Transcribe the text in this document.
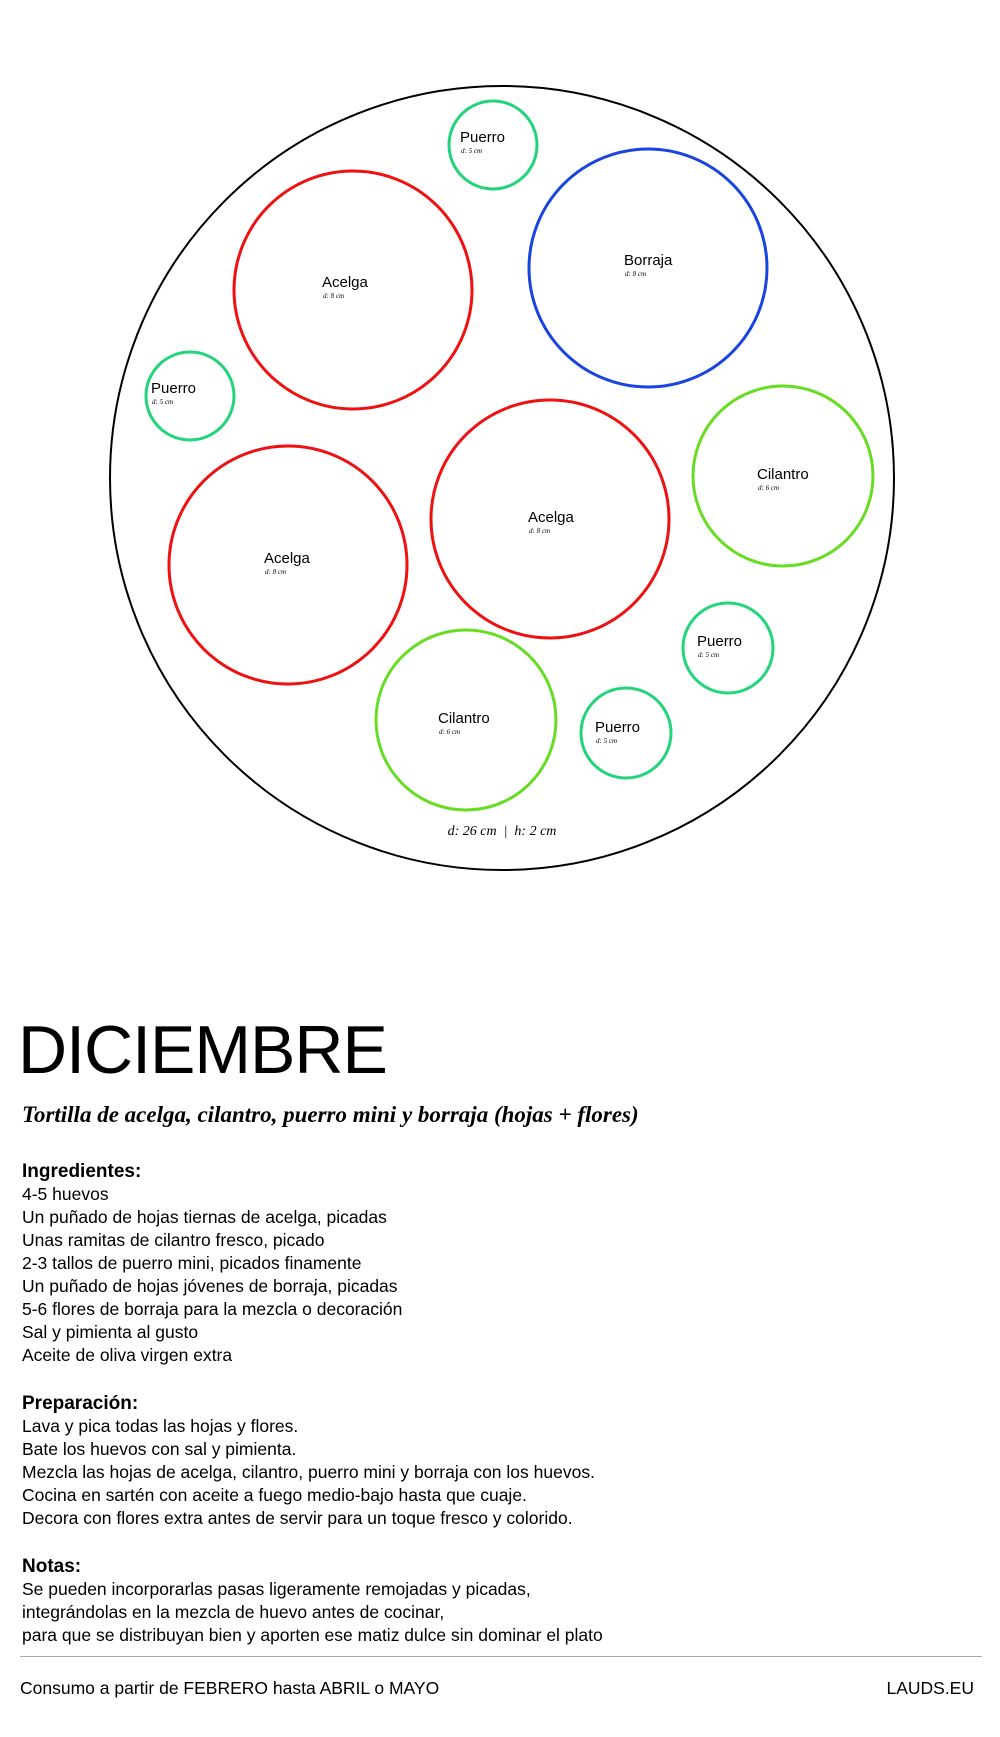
Puerro
d: 5 cm
Acelga
d: 8 cm
Borraja
d: 8 cm
Puerro
d: 5 cm
Acelga
d: 8 cm
Cilantro
d: 6 cm
Acelga
d: 8 cm
Puerro
d: 5 cm
Cilantro
d: 6 cm	Puerro
d: 5 cm
d: 26 cm  |  h: 2 cm
DICIEMBRE
Tortilla de acelga, cilantro, puerro mini y borraja (hojas + flores)
Ingredientes:
4-5 huevos
Un puñado de hojas tiernas de acelga, picadas
Unas ramitas de cilantro fresco, picado
2-3 tallos de puerro mini, picados finamente
Un puñado de hojas jóvenes de borraja, picadas
5-6 flores de borraja para la mezcla o decoración
Sal y pimienta al gusto
Aceite de oliva virgen extra
Preparación:
Lava y pica todas las hojas y flores.
Bate los huevos con sal y pimienta.
Mezcla las hojas de acelga, cilantro, puerro mini y borraja con los huevos.
Cocina en sartén con aceite a fuego medio-bajo hasta que cuaje.
Decora con flores extra antes de servir para un toque fresco y colorido.
Notas:
Se pueden incorporarlas pasas ligeramente remojadas y picadas,
integrándolas en la mezcla de huevo antes de cocinar,
para que se distribuyan bien y aporten ese matiz dulce sin dominar el plato
Consumo a partir de FEBRERO hasta ABRIL o MAYO	LAUDS.EU
